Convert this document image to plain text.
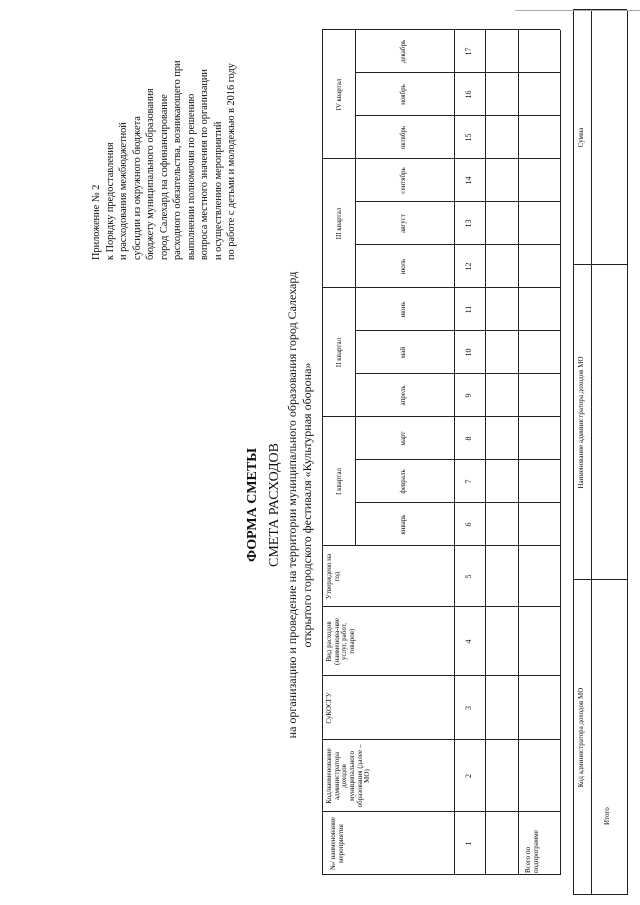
Приложение № 2 к Порядку предоставления и расходования межбюджетной субсидии из окружного бюджета бюджету муниципального образования город Салехард на софинансирование расходного обязательства, возникающего при выполнении полномочия по решению вопроса местного значения по организации и осуществлению мероприятий по работе с детьми и молодежью в 2016 году
ФОРМА СМЕТЫ СМЕТА РАСХОДОВ на организацию и проведение на территории муниципального образования город Салехард открытого городского фестиваля «Культурная оборона»
№/ наименование мероприятия
Код/наименование администратора доходов муниципального образования (далее – МО)
СуКОСГУ
Вид расходов (наименова-ние услуг, работ, товаров)
Утверждено на год
I квартал
II квартал
III квартал
IV квартал
январь
февраль
март
апрель
май
июнь
июль
август
сентябрь
октябрь
ноябрь
декабрь
1
2
3
4
5
6
7
8
9
10
11
12
13
14
15
16
17
Всего по подпрограмме
Код администратора доходов МО
Наименование администратора доходов МО
Сумма
Итого
